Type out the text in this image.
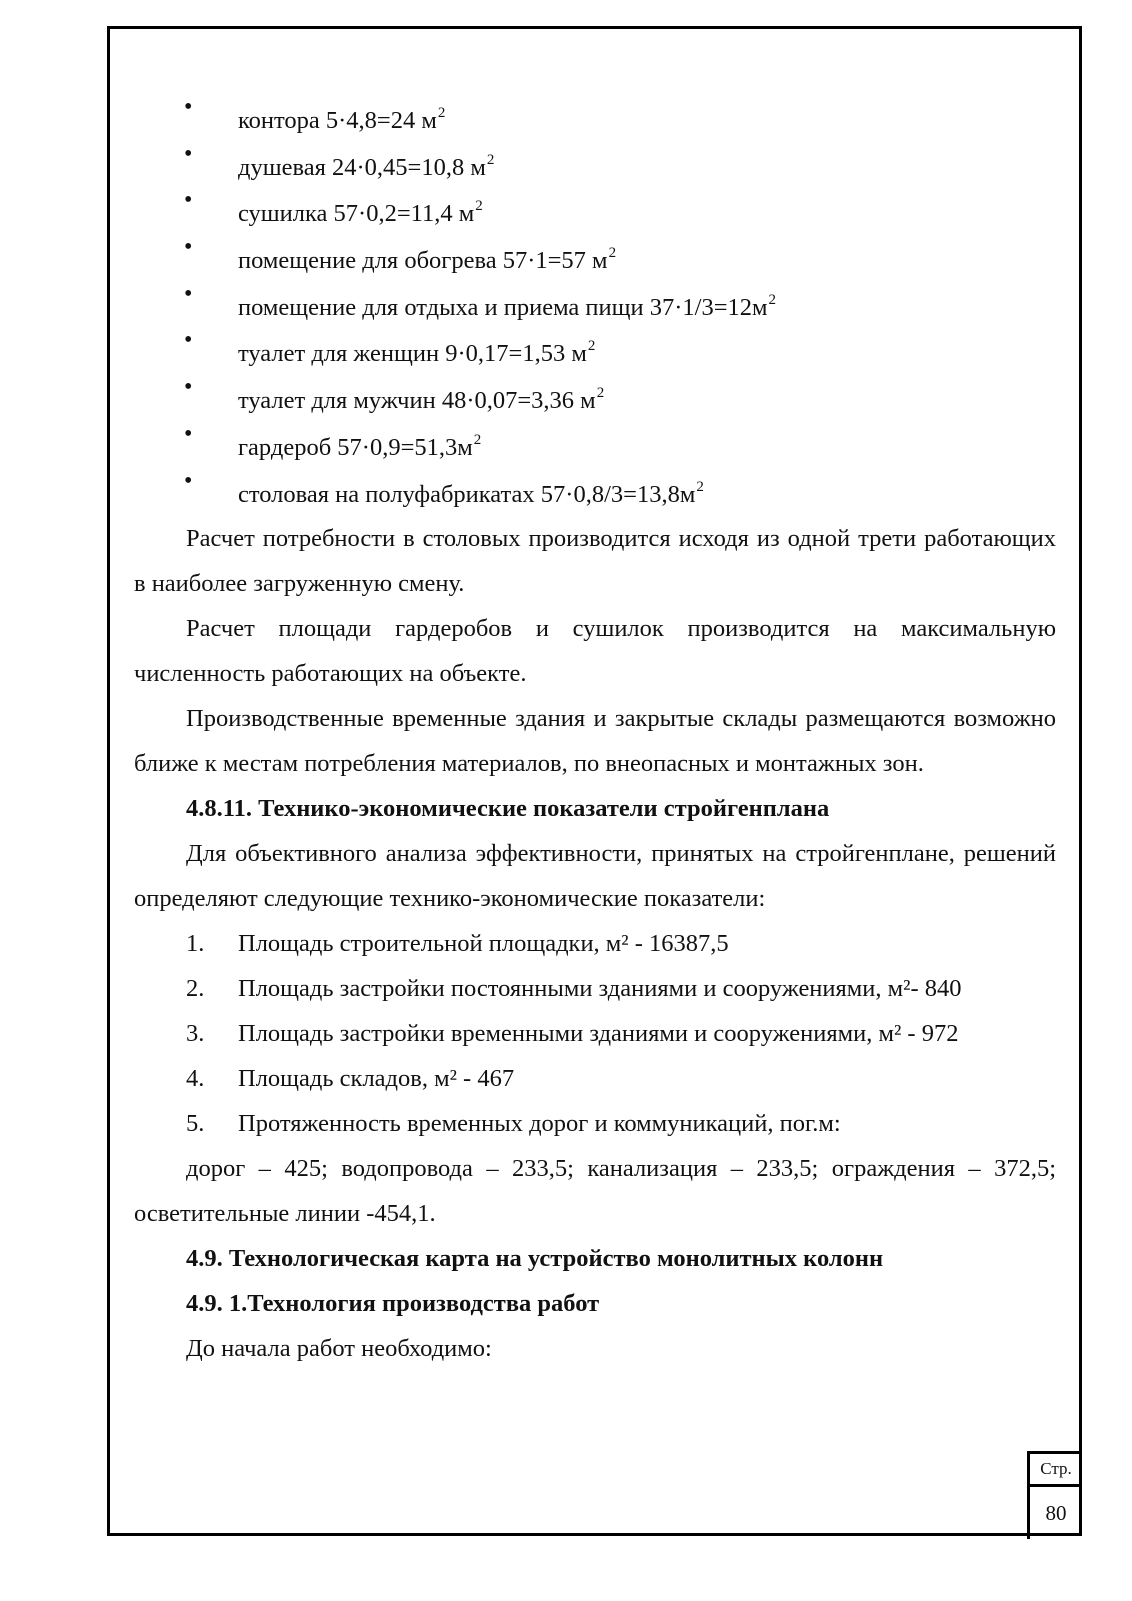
• контора 5·4,8=24 $м^2$
• душевая 24·0,45=10,8 $м^2$
• сушилка 57·0,2=11,4 $м^2$
• помещение для обогрева 57·1=57 $м^2$
• помещение для отдыха и приема пищи $37\cdot 1/3=12м^2$
• туалет для женщин 9·0,17=1,53 $м^2$
• туалет для мужчин 48·0,07=3,36 $м^2$
• гардероб $57\cdot 0,9=51,3м^2$
• столовая на полуфабрикатах $57\cdot 0,8/3=13,8м^2$

Расчет потребности в столовых производится исходя из одной трети работающих в наиболее загруженную смену.

Расчет площади гардеробов и сушилок производится на максимальную численность работающих на объекте.

Производственные временные здания и закрытые склады размещаются возможно ближе к местам потребления материалов, по внеопасных и монтажных зон.

4.8.11. Технико-экономические показатели стройгенплана

Для объективного анализа эффективности, принятых на стройгенплане, решений определяют следующие технико-экономические показатели:

1. Площадь строительной площадки, м² - 16387,5
2. Площадь застройки постоянными зданиями и сооружениями, м²- 840
3. Площадь застройки временными зданиями и сооружениями, м² - 972
4. Площадь складов, м² - 467
5. Протяженность временных дорог и коммуникаций, пог.м:

дорог – 425; водопровода – 233,5; канализация – 233,5; ограждения – 372,5; осветительные линии -454,1.

4.9. Технологическая карта на устройство монолитных колонн

4.9. 1.Технология производства работ

До начала работ необходимо:

Стр.
80
